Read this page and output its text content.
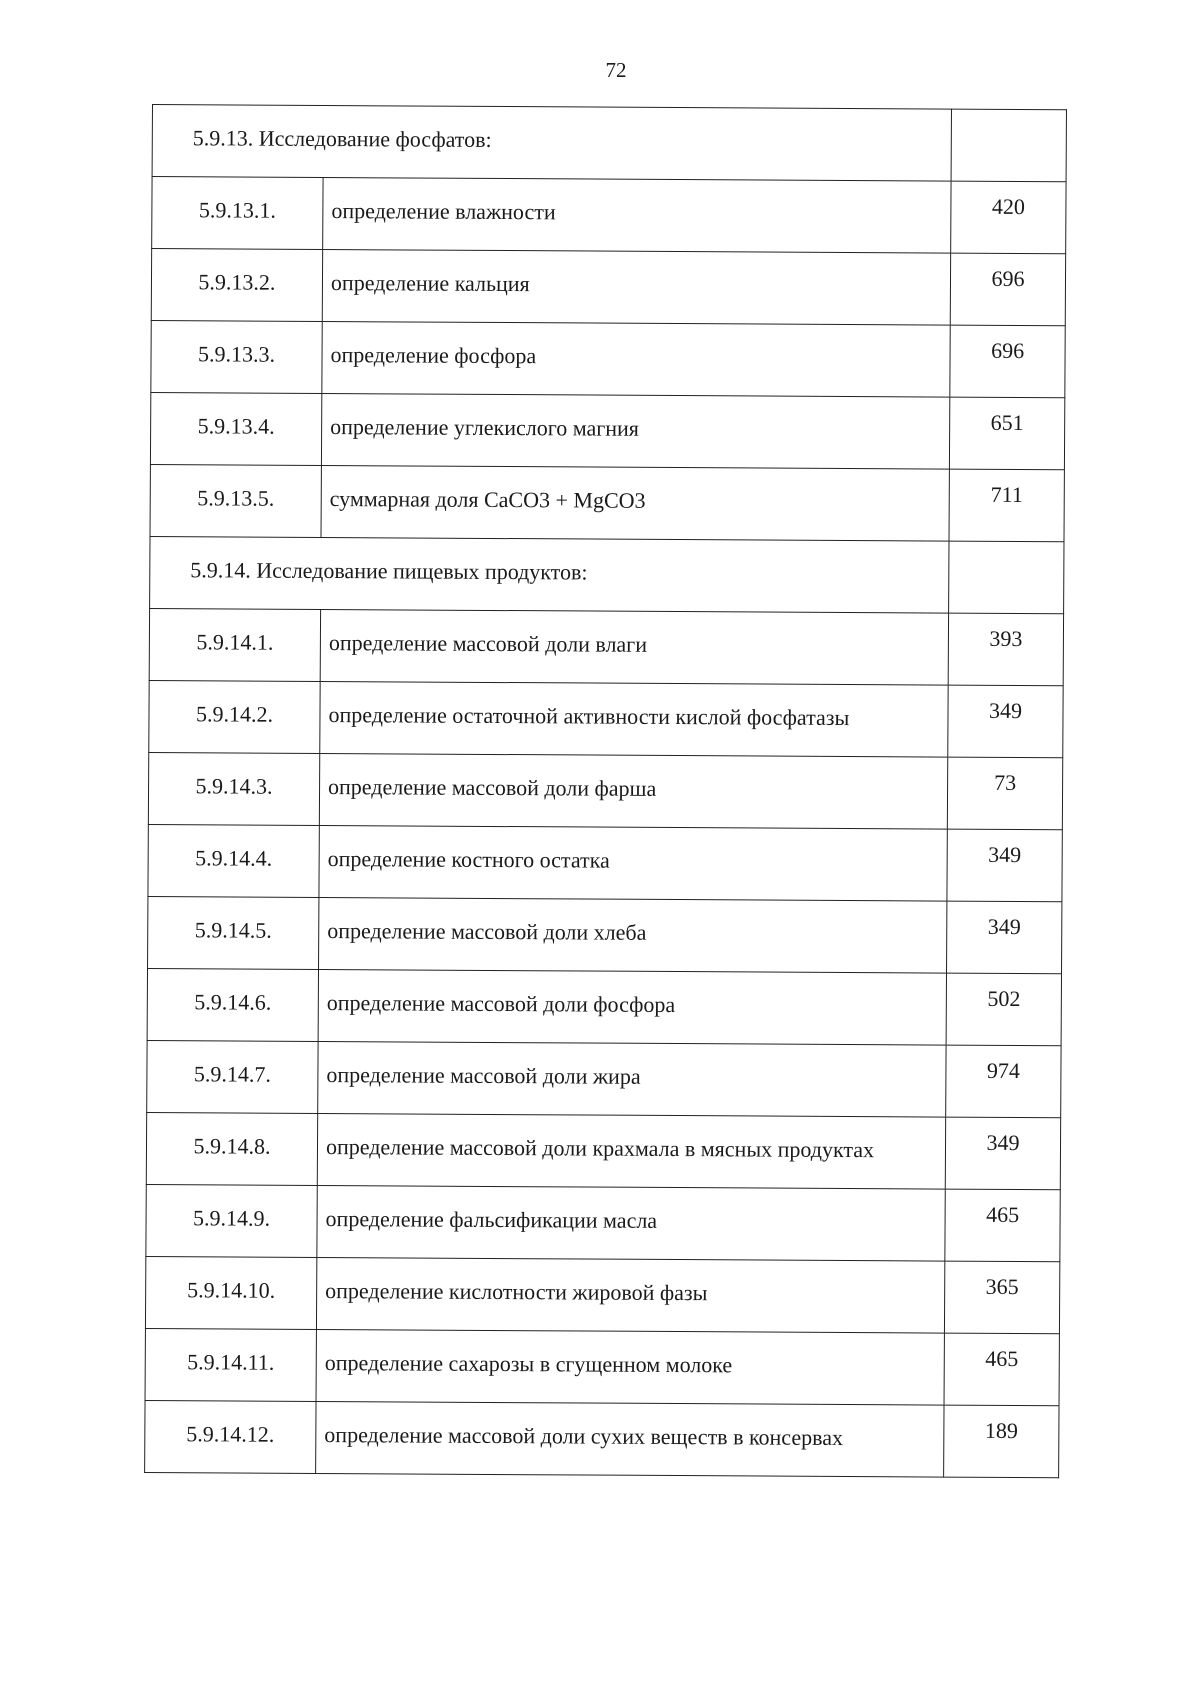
72
5.9.13. Исследование фосфатов:		
5.9.13.1.	определение влажности	420
5.9.13.2.	определение кальция	696
5.9.13.3.	определение фосфора	696
5.9.13.4.	определение углекислого магния	651
5.9.13.5.	суммарная доля CaCO3 + MgCO3	711
5.9.14. Исследование пищевых продуктов:		
5.9.14.1.	определение массовой доли влаги	393
5.9.14.2.	определение остаточной активности кислой фосфатазы	349
5.9.14.3.	определение массовой доли фарша	73
5.9.14.4.	определение костного остатка	349
5.9.14.5.	определение массовой доли хлеба	349
5.9.14.6.	определение массовой доли фосфора	502
5.9.14.7.	определение массовой доли жира	974
5.9.14.8.	определение массовой доли крахмала в мясных продуктах	349
5.9.14.9.	определение фальсификации масла	465
5.9.14.10.	определение кислотности жировой фазы	365
5.9.14.11.	определение сахарозы в сгущенном молоке	465
5.9.14.12.	определение массовой доли сухих веществ в консервах	189
